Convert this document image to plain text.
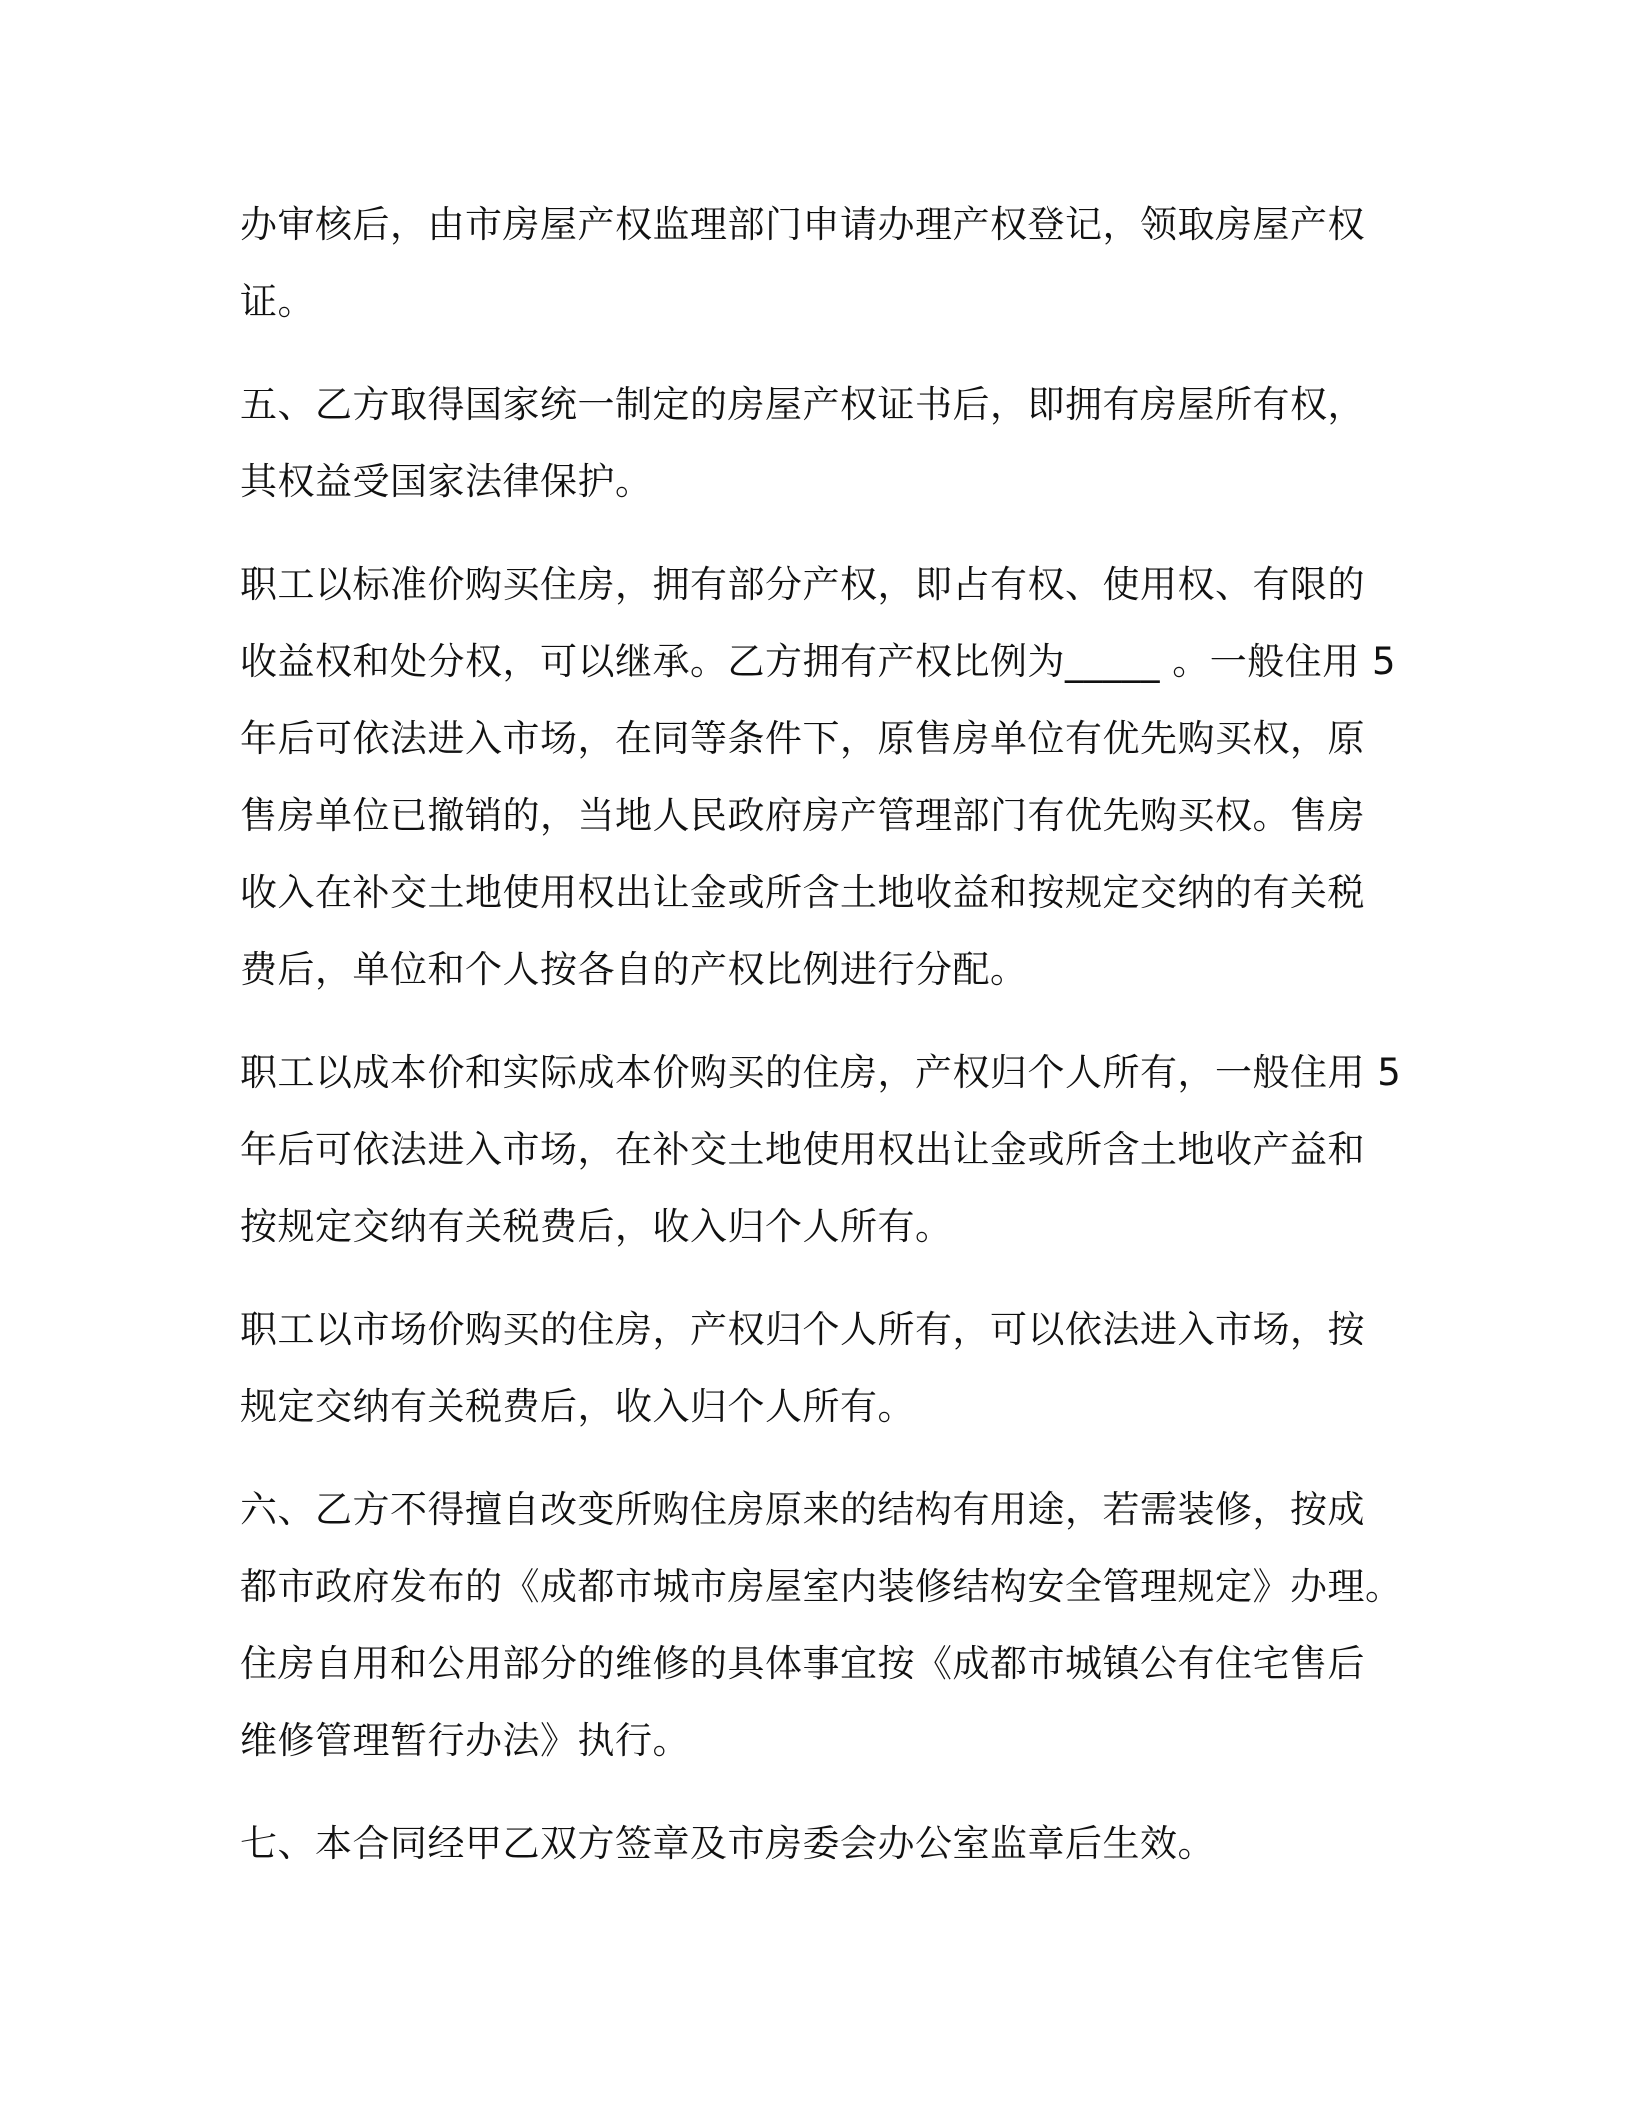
办审核后，由市房屋产权监理部门申请办理产权登记，领取房屋产权
证。

五、乙方取得国家统一制定的房屋产权证书后，即拥有房屋所有权，
其权益受国家法律保护。

职工以标准价购买住房，拥有部分产权，即占有权、使用权、有限的
收益权和处分权，可以继承。乙方拥有产权比例为_____ 。一般住用 5
年后可依法进入市场，在同等条件下，原售房单位有优先购买权，原
售房单位已撤销的，当地人民政府房产管理部门有优先购买权。售房
收入在补交土地使用权出让金或所含土地收益和按规定交纳的有关税
费后，单位和个人按各自的产权比例进行分配。

职工以成本价和实际成本价购买的住房，产权归个人所有，一般住用 5
年后可依法进入市场，在补交土地使用权出让金或所含土地收产益和
按规定交纳有关税费后，收入归个人所有。

职工以市场价购买的住房，产权归个人所有，可以依法进入市场，按
规定交纳有关税费后，收入归个人所有。

六、乙方不得擅自改变所购住房原来的结构有用途，若需装修，按成
都市政府发布的《成都市城市房屋室内装修结构安全管理规定》办理。
住房自用和公用部分的维修的具体事宜按《成都市城镇公有住宅售后
维修管理暂行办法》执行。

七、本合同经甲乙双方签章及市房委会办公室监章后生效。
